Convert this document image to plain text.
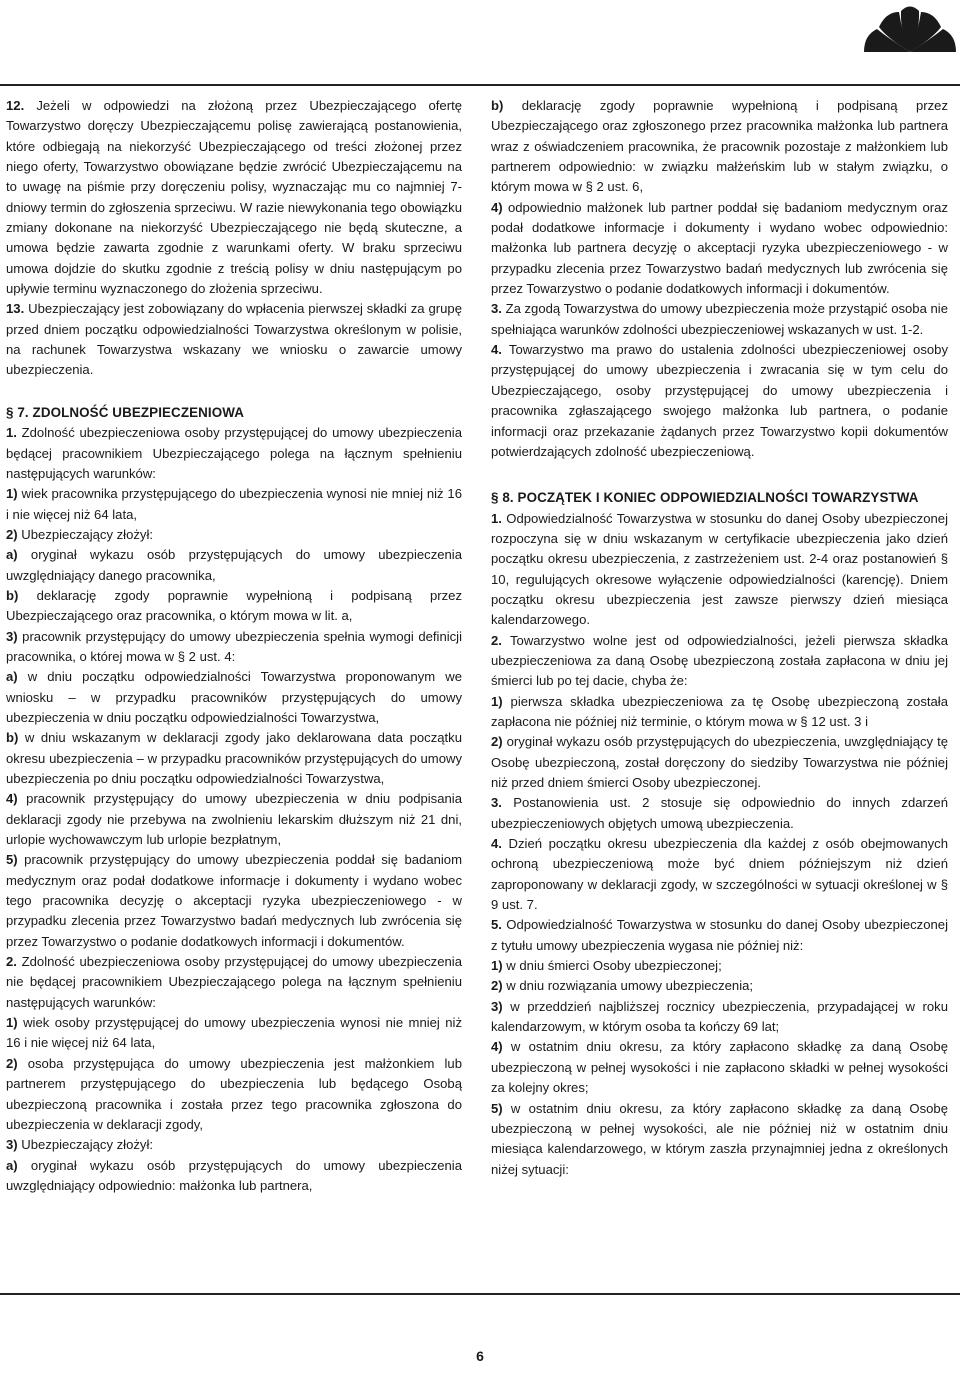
12. Jeżeli w odpowiedzi na złożoną przez Ubezpieczającego ofertę Towarzystwo doręczy Ubezpieczającemu polisę zawierającą postanowienia, które odbiegają na niekorzyść Ubezpieczającego od treści złożonej przez niego oferty, Towarzystwo obowiązane będzie zwrócić Ubezpieczającemu na to uwagę na piśmie przy doręczeniu polisy, wyznaczając mu co najmniej 7-dniowy termin do zgłoszenia sprzeciwu. W razie niewykonania tego obowiązku zmiany dokonane na niekorzyść Ubezpieczającego nie będą skuteczne, a umowa będzie zawarta zgodnie z warunkami oferty. W braku sprzeciwu umowa dojdzie do skutku zgodnie z treścią polisy w dniu następującym po upływie terminu wyznaczonego do złożenia sprzeciwu.

13. Ubezpieczający jest zobowiązany do wpłacenia pierwszej składki za grupę przed dniem początku odpowiedzialności Towarzystwa określonym w polisie, na rachunek Towarzystwa wskazany we wniosku o zawarcie umowy ubezpieczenia.

§ 7. ZDOLNOŚĆ UBEZPIECZENIOWA

1. Zdolność ubezpieczeniowa osoby przystępującej do umowy ubezpieczenia będącej pracownikiem Ubezpieczającego polega na łącznym spełnieniu następujących warunków:

1) wiek pracownika przystępującego do ubezpieczenia wynosi nie mniej niż 16 i nie więcej niż 64 lata,

2) Ubezpieczający złożył:

a) oryginał wykazu osób przystępujących do umowy ubezpieczenia uwzględniający danego pracownika,

b) deklarację zgody poprawnie wypełnioną i podpisaną przez Ubezpieczającego oraz pracownika, o którym mowa w lit. a,

3) pracownik przystępujący do umowy ubezpieczenia spełnia wymogi definicji pracownika, o której mowa w § 2 ust. 4:

a) w dniu początku odpowiedzialności Towarzystwa proponowanym we wniosku – w przypadku pracowników przystępujących do umowy ubezpieczenia w dniu początku odpowiedzialności Towarzystwa,

b) w dniu wskazanym w deklaracji zgody jako deklarowana data początku okresu ubezpieczenia – w przypadku pracowników przystępujących do umowy ubezpieczenia po dniu początku odpowiedzialności Towarzystwa,

4) pracownik przystępujący do umowy ubezpieczenia w dniu podpisania deklaracji zgody nie przebywa na zwolnieniu lekarskim dłuższym niż 21 dni, urlopie wychowawczym lub urlopie bezpłatnym,

5) pracownik przystępujący do umowy ubezpieczenia poddał się badaniom medycznym oraz podał dodatkowe informacje i dokumenty i wydano wobec tego pracownika decyzję o akceptacji ryzyka ubezpieczeniowego - w przypadku zlecenia przez Towarzystwo badań medycznych lub zwrócenia się przez Towarzystwo o podanie dodatkowych informacji i dokumentów.

2. Zdolność ubezpieczeniowa osoby przystępującej do umowy ubezpieczenia nie będącej pracownikiem Ubezpieczającego polega na łącznym spełnieniu następujących warunków:

1) wiek osoby przystępującej do umowy ubezpieczenia wynosi nie mniej niż 16 i nie więcej niż 64 lata,

2) osoba przystępująca do umowy ubezpieczenia jest małżonkiem lub partnerem przystępującego do ubezpieczenia lub będącego Osobą ubezpieczoną pracownika i została przez tego pracownika zgłoszona do ubezpieczenia w deklaracji zgody,

3) Ubezpieczający złożył:

a) oryginał wykazu osób przystępujących do umowy ubezpieczenia uwzględniający odpowiednio: małżonka lub partnera,

b) deklarację zgody poprawnie wypełnioną i podpisaną przez Ubezpieczającego oraz zgłoszonego przez pracownika małżonka lub partnera wraz z oświadczeniem pracownika, że pracownik pozostaje z małżonkiem lub partnerem odpowiednio: w związku małżeńskim lub w stałym związku, o którym mowa w § 2 ust. 6,

4) odpowiednio małżonek lub partner poddał się badaniom medycznym oraz podał dodatkowe informacje i dokumenty i wydano wobec odpowiednio: małżonka lub partnera decyzję o akceptacji ryzyka ubezpieczeniowego - w przypadku zlecenia przez Towarzystwo badań medycznych lub zwrócenia się przez Towarzystwo o podanie dodatkowych informacji i dokumentów.

3. Za zgodą Towarzystwa do umowy ubezpieczenia może przystąpić osoba nie spełniająca warunków zdolności ubezpieczeniowej wskazanych w ust. 1-2.

4. Towarzystwo ma prawo do ustalenia zdolności ubezpieczeniowej osoby przystępującej do umowy ubezpieczenia i zwracania się w tym celu do Ubezpieczającego, osoby przystępującej do umowy ubezpieczenia i pracownika zgłaszającego swojego małżonka lub partnera, o podanie informacji oraz przekazanie żądanych przez Towarzystwo kopii dokumentów potwierdzających zdolność ubezpieczeniową.

§ 8. POCZĄTEK I KONIEC ODPOWIEDZIALNOŚCI TOWARZYSTWA

1. Odpowiedzialność Towarzystwa w stosunku do danej Osoby ubezpieczonej rozpoczyna się w dniu wskazanym w certyfikacie ubezpieczenia jako dzień początku okresu ubezpieczenia, z zastrzeżeniem ust. 2-4 oraz postanowień § 10, regulujących okresowe wyłączenie odpowiedzialności (karencję). Dniem początku okresu ubezpieczenia jest zawsze pierwszy dzień miesiąca kalendarzowego.

2. Towarzystwo wolne jest od odpowiedzialności, jeżeli pierwsza składka ubezpieczeniowa za daną Osobę ubezpieczoną została zapłacona w dniu jej śmierci lub po tej dacie, chyba że:

1) pierwsza składka ubezpieczeniowa za tę Osobę ubezpieczoną została zapłacona nie później niż terminie, o którym mowa w § 12 ust. 3 i

2) oryginał wykazu osób przystępujących do ubezpieczenia, uwzględniający tę Osobę ubezpieczoną, został doręczony do siedziby Towarzystwa nie później niż przed dniem śmierci Osoby ubezpieczonej.

3. Postanowienia ust. 2 stosuje się odpowiednio do innych zdarzeń ubezpieczeniowych objętych umową ubezpieczenia.

4. Dzień początku okresu ubezpieczenia dla każdej z osób obejmowanych ochroną ubezpieczeniową może być dniem późniejszym niż dzień zaproponowany w deklaracji zgody, w szczególności w sytuacji określonej w § 9 ust. 7.

5. Odpowiedzialność Towarzystwa w stosunku do danej Osoby ubezpieczonej z tytułu umowy ubezpieczenia wygasa nie później niż:

1) w dniu śmierci Osoby ubezpieczonej;

2) w dniu rozwiązania umowy ubezpieczenia;

3) w przeddzień najbliższej rocznicy ubezpieczenia, przypadającej w roku kalendarzowym, w którym osoba ta kończy 69 lat;

4) w ostatnim dniu okresu, za który zapłacono składkę za daną Osobę ubezpieczoną w pełnej wysokości i nie zapłacono składki w pełnej wysokości za kolejny okres;

5) w ostatnim dniu okresu, za który zapłacono składkę za daną Osobę ubezpieczoną w pełnej wysokości, ale nie później niż w ostatnim dniu miesiąca kalendarzowego, w którym zaszła przynajmniej jedna z określonych niżej sytuacji:

6
